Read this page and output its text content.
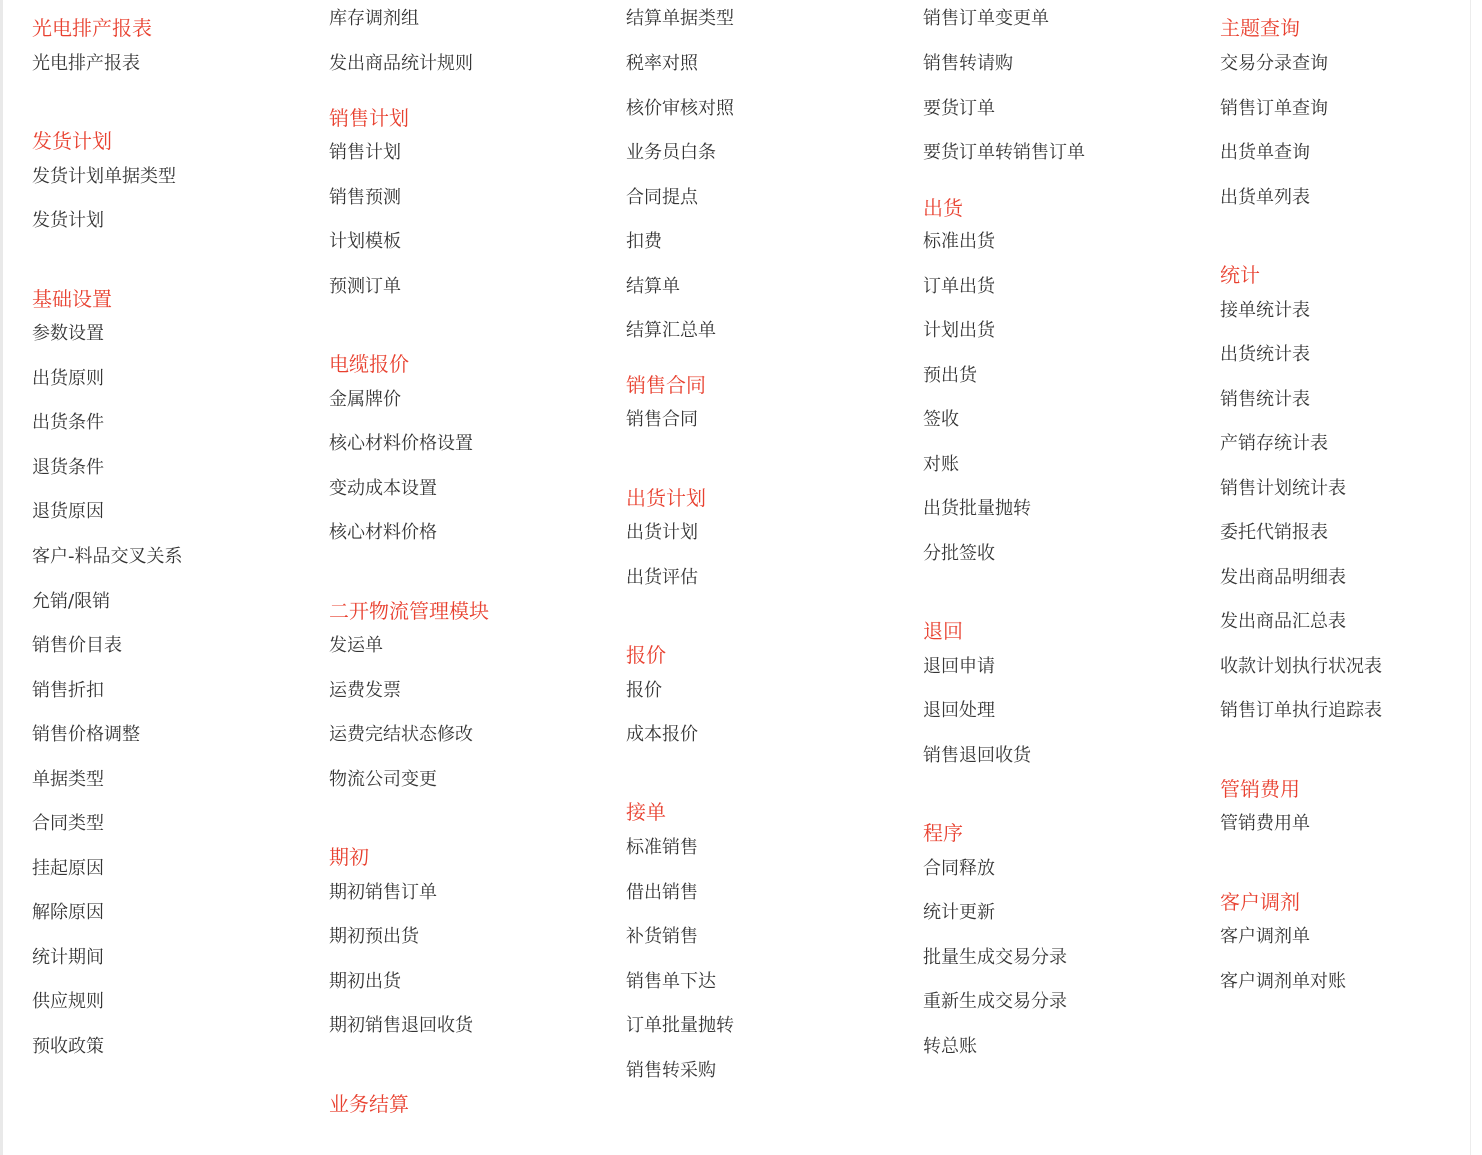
光电排产报表
光电排产报表
发货计划
发货计划单据类型
发货计划
基础设置
参数设置
出货原则
出货条件
退货条件
退货原因
客户-料品交叉关系
允销/限销
销售价目表
销售折扣
销售价格调整
单据类型
合同类型
挂起原因
解除原因
统计期间
供应规则
预收政策
库存调剂组
发出商品统计规则
销售计划
销售计划
销售预测
计划模板
预测订单
电缆报价
金属牌价
核心材料价格设置
变动成本设置
核心材料价格
二开物流管理模块
发运单
运费发票
运费完结状态修改
物流公司变更
期初
期初销售订单
期初预出货
期初出货
期初销售退回收货
业务结算
结算单据类型
税率对照
核价审核对照
业务员白条
合同提点
扣费
结算单
结算汇总单
销售合同
销售合同
出货计划
出货计划
出货评估
报价
报价
成本报价
接单
标准销售
借出销售
补货销售
销售单下达
订单批量抛转
销售转采购
销售订单变更单
销售转请购
要货订单
要货订单转销售订单
出货
标准出货
订单出货
计划出货
预出货
签收
对账
出货批量抛转
分批签收
退回
退回申请
退回处理
销售退回收货
程序
合同释放
统计更新
批量生成交易分录
重新生成交易分录
转总账
主题查询
交易分录查询
销售订单查询
出货单查询
出货单列表
统计
接单统计表
出货统计表
销售统计表
产销存统计表
销售计划统计表
委托代销报表
发出商品明细表
发出商品汇总表
收款计划执行状况表
销售订单执行追踪表
管销费用
管销费用单
客户调剂
客户调剂单
客户调剂单对账
